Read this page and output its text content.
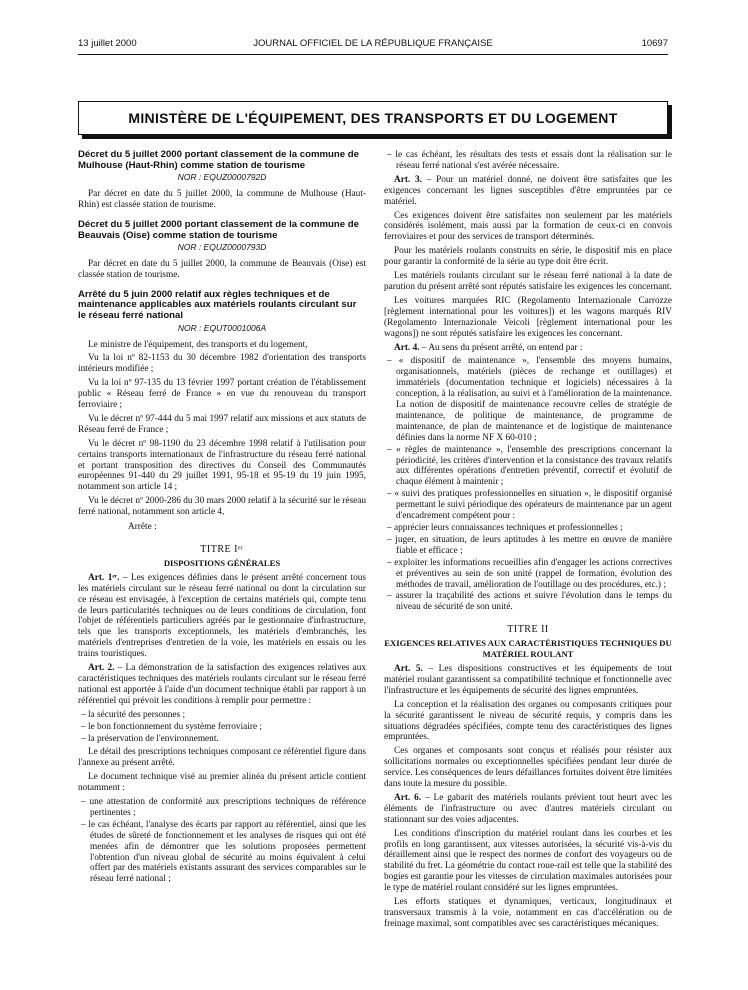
13 juillet 2000	JOURNAL OFFICIEL DE LA RÉPUBLIQUE FRANÇAISE	10697
MINISTÈRE DE L'ÉQUIPEMENT, DES TRANSPORTS ET DU LOGEMENT

Décret du 5 juillet 2000 portant classement de la commune de Mulhouse (Haut-Rhin) comme station de tourisme

NOR : EQUZ0000792D

Par décret en date du 5 juillet 2000, la commune de Mulhouse (Haut-Rhin) est classée station de tourisme.

Décret du 5 juillet 2000 portant classement de la commune de Beauvais (Oise) comme station de tourisme

NOR : EQUZ0000793D

Par décret en date du 5 juillet 2000, la commune de Beauvais (Oise) est classée station de tourisme.

Arrêté du 5 juin 2000 relatif aux règles techniques et de maintenance applicables aux matériels roulants circulant sur le réseau ferré national

NOR : EQUT0001006A

Le ministre de l'équipement, des transports et du logement,

Vu la loi nº 82-1153 du 30 décembre 1982 d'orientation des transports intérieurs modifiée ;

Vu la loi nº 97-135 du 13 février 1997 portant création de l'établissement public « Réseau ferré de France » en vue du renouveau du transport ferroviaire ;

Vu le décret nº 97-444 du 5 mai 1997 relatif aux missions et aux statuts de Réseau ferré de France ;

Vu le décret nº 98-1190 du 23 décembre 1998 relatif à l'utilisation pour certains transports internationaux de l'infrastructure du réseau ferré national et portant transposition des directives du Conseil des Communautés européennes 91-440 du 29 juillet 1991, 95-18 et 95-19 du 19 juin 1995, notamment son article 14 ;

Vu le décret nº 2000-286 du 30 mars 2000 relatif à la sécurité sur le réseau ferré national, notamment son article 4,

Arrête :

TITRE Iᵉʳ

DISPOSITIONS GÉNÉRALES

Art. 1ᵉʳ. – Les exigences définies dans le présent arrêté concernent tous les matériels circulant sur le réseau ferré national ou dont la circulation sur ce réseau est envisagée, à l'exception de certains matériels qui, compte tenu de leurs particularités techniques ou de leurs conditions de circulation, font l'objet de référentiels particuliers agréés par le gestionnaire d'infrastructure, tels que les transports exceptionnels, les matériels d'embranchés, les matériels d'entreprises d'entretien de la voie, les matériels en essais ou les trains touristiques.

Art. 2. – La démonstration de la satisfaction des exigences relatives aux caractéristiques techniques des matériels roulants circulant sur le réseau ferré national est apportée à l'aide d'un document technique établi par rapport à un référentiel qui prévoit les conditions à remplir pour permettre :

– la sécurité des personnes ;
– le bon fonctionnement du système ferroviaire ;
– la préservation de l'environnement.

Le détail des prescriptions techniques composant ce référentiel figure dans l'annexe au présent arrêté.

Le document technique visé au premier alinéa du présent article contient notamment :

– une attestation de conformité aux prescriptions techniques de référence pertinentes ;
– le cas échéant, l'analyse des écarts par rapport au référentiel, ainsi que les études de sûreté de fonctionnement et les analyses de risques qui ont été menées afin de démontrer que les solutions proposées permettent l'obtention d'un niveau global de sécurité au moins équivalent à celui offert par des matériels existants assurant des services comparables sur le réseau ferré national ;
– le cas échéant, les résultats des tests et essais dont la réalisation sur le réseau ferré national s'est avérée nécessaire.

Art. 3. – Pour un matériel donné, ne doivent être satisfaites que les exigences concernant les lignes susceptibles d'être empruntées par ce matériel.

Ces exigences doivent être satisfaites non seulement par les matériels considérés isolément, mais aussi par la formation de ceux-ci en convois ferroviaires et pour des services de transport déterminés.

Pour les matériels roulants construits en série, le dispositif mis en place pour garantir la conformité de la série au type doit être écrit.

Les matériels roulants circulant sur le réseau ferré national à la date de parution du présent arrêté sont réputés satisfaire les exigences les concernant.

Les voitures marquées RIC (Regolamento Internazionale Carrozze [règlement international pour les voitures]) et les wagons marqués RIV (Regolamento Internazionale Veicoli [règlement international pour les wagons]) ne sont réputés satisfaire les exigences les concernant.

Art. 4. – Au sens du présent arrêté, on entend par :

– « dispositif de maintenance », l'ensemble des moyens humains, organisationnels, matériels (pièces de rechange et outillages) et immatériels (documentation technique et logiciels) nécessaires à la conception, à la réalisation, au suivi et à l'amélioration de la maintenance. La notion de dispositif de maintenance recouvre celles de stratégie de maintenance, de politique de maintenance, de programme de maintenance, de plan de maintenance et de logistique de maintenance définies dans la norme NF X 60-010 ;
– « règles de maintenance », l'ensemble des prescriptions concernant la périodicité, les critères d'intervention et la consistance des travaux relatifs aux différentes opérations d'entretien préventif, correctif et évolutif de chaque élément à maintenir ;
– « suivi des pratiques professionnelles en situation », le dispositif organisé permettant le suivi périodique des opérateurs de maintenance par un agent d'encadrement compétent pour :
– apprécier leurs connaissances techniques et professionnelles ;
– juger, en situation, de leurs aptitudes à les mettre en œuvre de manière fiable et efficace ;
– exploiter les informations recueillies afin d'engager les actions correctives et préventives au sein de son unité (rappel de formation, évolution des méthodes de travail, amélioration de l'outillage ou des procédures, etc.) ;
– assurer la traçabilité des actions et suivre l'évolution dans le temps du niveau de sécurité de son unité.

TITRE II

EXIGENCES RELATIVES AUX CARACTÉRISTIQUES TECHNIQUES DU MATÉRIEL ROULANT

Art. 5. – Les dispositions constructives et les équipements de tout matériel roulant garantissent sa compatibilité technique et fonctionnelle avec l'infrastructure et les équipements de sécurité des lignes empruntées.

La conception et la réalisation des organes ou composants critiques pour la sécurité garantissent le niveau de sécurité requis, y compris dans les situations dégradées spécifiées, compte tenu des caractéristiques des lignes empruntées.

Ces organes et composants sont conçus et réalisés pour résister aux sollicitations normales ou exceptionnelles spécifiées pendant leur durée de service. Les conséquences de leurs défaillances fortuites doivent être limitées dans toute la mesure du possible.

Art. 6. – Le gabarit des matériels roulants prévient tout heurt avec les éléments de l'infrastructure ou avec d'autres matériels circulant ou stationnant sur des voies adjacentes.

Les conditions d'inscription du matériel roulant dans les courbes et les profils en long garantissent, aux vitesses autorisées, la sécurité vis-à-vis du déraillement ainsi que le respect des normes de confort des voyageurs ou de stabilité du fret. La géométrie du contact roue-rail est telle que la stabilité des bogies est garantie pour les vitesses de circulation maximales autorisées pour le type de matériel roulant considéré sur les lignes empruntées.

Les efforts statiques et dynamiques, verticaux, longitudinaux et transversaux transmis à la voie, notamment en cas d'accélération ou de freinage maximal, sont compatibles avec ses caractéristiques mécaniques.
